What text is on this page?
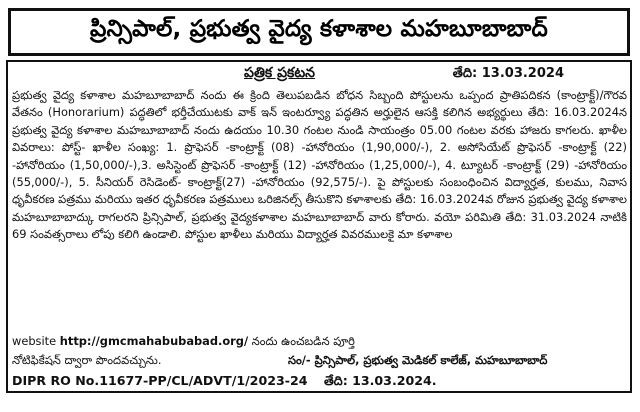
ప్రిన్సిపాల్, ప్రభుత్వ వైద్య కళాశాల మహబూబాబాద్
పత్రిక ప్రకటన	తేది: 13.03.2024

ప్రభుత్వ వైద్య కళాశాల మహబూబాబాద్ నందు ఈ క్రింది తెలుపబడిన బోధన సిబ్బంది పోస్టులను ఒప్పంద ప్రాతిపదికన (కాంట్రాక్ట్)/గౌరవ వేతనం (Honorarium) పద్ధతిలో భర్తీచేయుటకు వాక్ ఇన్ ఇంటర్వ్యూ పద్ధతిన అర్హులైన ఆసక్తి కలిగిన అభ్యర్థులు తేది: 16.03.2024న ప్రభుత్వ వైద్య కళాశాల మహబూబాబాద్ నందు ఉదయం 10.30 గంటల నుండి సాయంత్రం 05.00 గంటల వరకు హాజరు కాగలరు. ఖాళీల వివరాలు: పోస్ట్- ఖాళీల సంఖ్య: 1. ప్రొఫెసర్ -కాంట్రాక్ట్ (08) -హానోరియం (1,90,000/-), 2. అసోసియేట్ ప్రొఫెసర్ -కాంట్రాక్ట్ (22) -హానోరియం (1,50,000/-),3. అసిస్టెంట్ ప్రొఫెసర్ -కాంట్రాక్ట్ (12) -హానోరియం (1,25,000/-), 4. ట్యూటర్ -కాంట్రాక్ట్ (29) -హానోరియం (55,000/-), 5. సీనియర్ రెసిడెంట్- కాంట్రాక్ట్(27) -హానోరియం (92,575/-). పై పోస్టులకు సంబంధించిన విద్యార్హత, కులము, నివాస ధృవీకరణ పత్రము మరియు ఇతర ధృవీకరణ పత్రములు ఒరిజినల్స్ తీసుకొని కళాశాలకు తేది: 16.03.2024వ రోజున ప్రభుత్వ వైద్య కళాశాల మహబూబాబాద్కు రాగలరని ప్రిన్సిపాల్, ప్రభుత్వ వైద్యకళాశాల మహబూబాబాద్ వారు కోరారు. వయో పరిమితి తేది: 31.03.2024 నాటికి 69 సంవత్సరాలు లోపు కలిగి ఉండాలి. పోస్టుల ఖాళీలు మరియు విద్యార్హత వివరములకై మా కళాశాల

website http://gmcmahabubabad.org/ నందు ఉంచబడిన పూర్తి
నోటిఫికేషన్ ద్వారా పొందవచ్చును.	సం/- ప్రిన్సిపాల్, ప్రభుత్వ మెడికల్ కాలేజ్, మహబూబాబాద్
DIPR RO No.11677-PP/CL/ADVT/1/2023-24 తేది: 13.03.2024.
